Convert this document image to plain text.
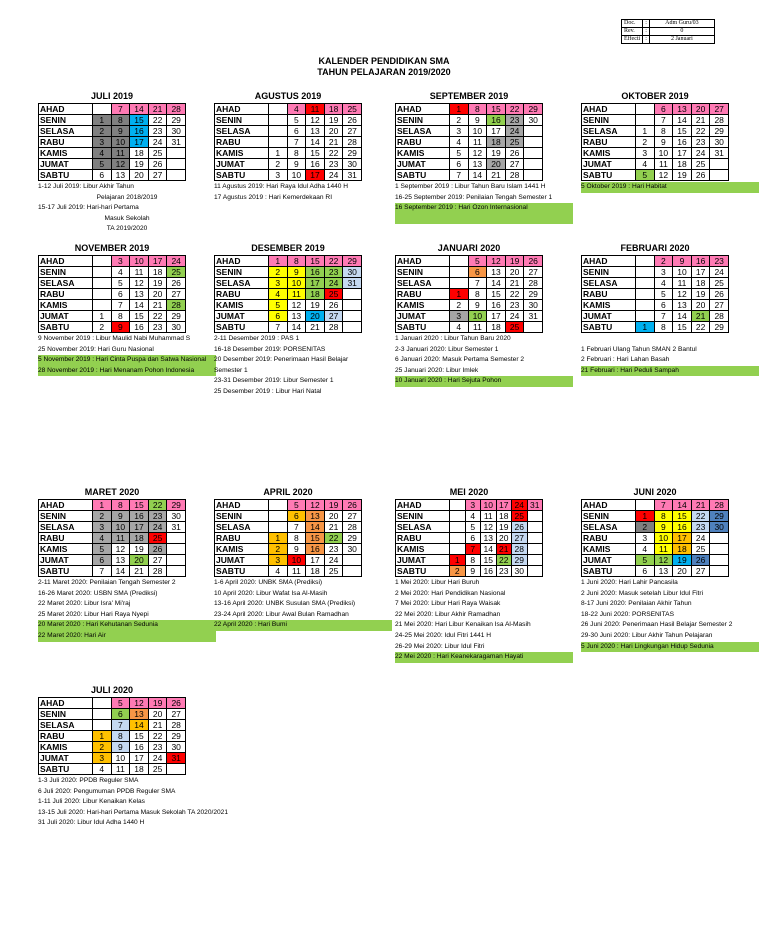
Doc.	:	Adm Guru/03
Rev.	:	0
Effecti	:	2 Januari
KALENDER PENDIDIKAN SMA
TAHUN PELAJARAN 2019/2020
JULI 2019
AHAD		7	14	21	28
SENIN	1	8	15	22	29
SELASA	2	9	16	23	30
RABU	3	10	17	24	31
KAMIS	4	11	18	25	
JUMAT	5	12	19	26	
SABTU	6	13	20	27	
1-12 Juli 2019: Libur Akhir Tahun
Pelajaran 2018/2019
15-17 Juli 2019: Hari-hari Pertama
Masuk Sekolah
TA 2019/2020
AGUSTUS 2019
AHAD		4	11	18	25
SENIN		5	12	19	26
SELASA		6	13	20	27
RABU		7	14	21	28
KAMIS	1	8	15	22	29
JUMAT	2	9	16	23	30
SABTU	3	10	17	24	31
11 Agustus 2019: Hari Raya Idul Adha 1440 H
17 Agustus 2019 : Hari Kemerdekaan RI
SEPTEMBER 2019
AHAD	1	8	15	22	29
SENIN	2	9	16	23	30
SELASA	3	10	17	24	
RABU	4	11	18	25	
KAMIS	5	12	19	26	
JUMAT	6	13	20	27	
SABTU	7	14	21	28	
1 September 2019 : Libur Tahun Baru Islam 1441 H
16-25 September 2019: Penilaian Tengah Semester 1
16 September 2019 : Hari Ozon Internasional
OKTOBER 2019
AHAD		6	13	20	27
SENIN		7	14	21	28
SELASA	1	8	15	22	29
RABU	2	9	16	23	30
KAMIS	3	10	17	24	31
JUMAT	4	11	18	25	
SABTU	5	12	19	26	
5 Oktober 2019 : Hari Habitat
NOVEMBER 2019
AHAD		3	10	17	24
SENIN		4	11	18	25
SELASA		5	12	19	26
RABU		6	13	20	27
KAMIS		7	14	21	28
JUMAT	1	8	15	22	29
SABTU	2	9	16	23	30
9 November 2019 : Libur Maulid Nabi Muhammad S
25 November 2019: Hari Guru Nasional
5 November 2019 : Hari Cinta Puspa dan Satwa Nasional
28 November 2019 : Hari Menanam Pohon Indonesia
DESEMBER 2019
AHAD	1	8	15	22	29
SENIN	2	9	16	23	30
SELASA	3	10	17	24	31
RABU	4	11	18	25	
KAMIS	5	12	19	26	
JUMAT	6	13	20	27	
SABTU	7	14	21	28	
2-11 Desember 2019 : PAS 1
16-18 Desember 2019: PORSENITAS
20 Desember 2019: Penerimaan Hasil Belajar
Semester 1
23-31 Desember 2019: Libur Semester 1
25 Desember 2019 : Libur Hari Natal
JANUARI 2020
AHAD		5	12	19	26
SENIN		6	13	20	27
SELASA		7	14	21	28
RABU	1	8	15	22	29
KAMIS	2	9	16	23	30
JUMAT	3	10	17	24	31
SABTU	4	11	18	25	
1 Januari 2020 : Libur Tahun Baru 2020
2-3 Januari 2020: Libur Semester 1
6 Januari 2020: Masuk Pertama Semester 2
25 Januari 2020: Libur Imlek
10 Januari 2020 : Hari Sejuta Pohon
FEBRUARI 2020
AHAD		2	9	16	23
SENIN		3	10	17	24
SELASA		4	11	18	25
RABU		5	12	19	26
KAMIS		6	13	20	27
JUMAT		7	14	21	28
SABTU	1	8	15	22	29
1 Februari Ulang Tahun SMAN 2 Bantul
2 Februari : Hari Lahan Basah
21 Februari : Hari Peduli Sampah
MARET 2020
AHAD	1	8	15	22	29
SENIN	2	9	16	23	30
SELASA	3	10	17	24	31
RABU	4	11	18	25	
KAMIS	5	12	19	26	
JUMAT	6	13	20	27	
SABTU	7	14	21	28	
2-11 Maret 2020: Penilaian Tengah Semester 2
16-26 Maret 2020: USBN SMA (Prediksi)
22 Maret 2020: Libur Isra' Mi'raj
25 Maret 2020: Libur Hari Raya Nyepi
20 Maret 2020 : Hari Kehutanan Sedunia
22 Maret 2020: Hari Air
APRIL 2020
AHAD		5	12	19	26
SENIN		6	13	20	27
SELASA		7	14	21	28
RABU	1	8	15	22	29
KAMIS	2	9	16	23	30
JUMAT	3	10	17	24	
SABTU	4	11	18	25	
1-6 April 2020: UNBK SMA (Prediksi)
10 April 2020: Libur Wafat Isa Al-Masih
13-16 April 2020: UNBK Susulan SMA (Prediksi)
23-24 April 2020: Libur Awal Bulan Ramadhan
22 April 2020 : Hari Bumi
MEI 2020
AHAD		3	10	17	24	31
SENIN		4	11	18	25	
SELASA		5	12	19	26	
RABU		6	13	20	27	
KAMIS		7	14	21	28	
JUMAT	1	8	15	22	29	
SABTU	2	9	16	23	30	
1 Mei 2020: Libur Hari Buruh
2 Mei 2020: Hari Pendidikan Nasional
7 Mei 2020: Libur Hari Raya Waisak
22 Mei 2020: Libur Akhir Ramadhan
21 Mei 2020: Hari Libur Kenaikan Isa Al-Masih
24-25 Mei 2020: Idul Fitri 1441 H
26-29 Mei 2020: Libur Idul Fitri
22 Mei 2020 : Hari Keanekaragaman Hayati
JUNI 2020
AHAD		7	14	21	28
SENIN	1	8	15	22	29
SELASA	2	9	16	23	30
RABU	3	10	17	24	
KAMIS	4	11	18	25	
JUMAT	5	12	19	26	
SABTU	6	13	20	27	
1 Juni 2020: Hari Lahir Pancasila
2 Juni 2020: Masuk setelah Libur Idul Fitri
8-17 Juni 2020: Penilaian Akhir Tahun
18-22 Juni 2020: PORSENITAS
26 Juni 2020: Penerimaan Hasil Belajar Semester 2
29-30 Juni 2020: Libur Akhir Tahun Pelajaran
5 Juni 2020 : Hari Lingkungan Hidup Sedunia
JULI 2020
AHAD		5	12	19	26
SENIN		6	13	20	27
SELASA		7	14	21	28
RABU	1	8	15	22	29
KAMIS	2	9	16	23	30
JUMAT	3	10	17	24	31
SABTU	4	11	18	25	
1-3 Juli 2020: PPDB Reguler SMA
6 Juli 2020: Pengumuman PPDB Reguler SMA
1-11 Juli 2020: Libur Kenaikan Kelas
13-15 Juli 2020: Hari-hari Pertama Masuk Sekolah TA 2020/2021
31 Juli 2020: Libur Idul Adha 1440 H
